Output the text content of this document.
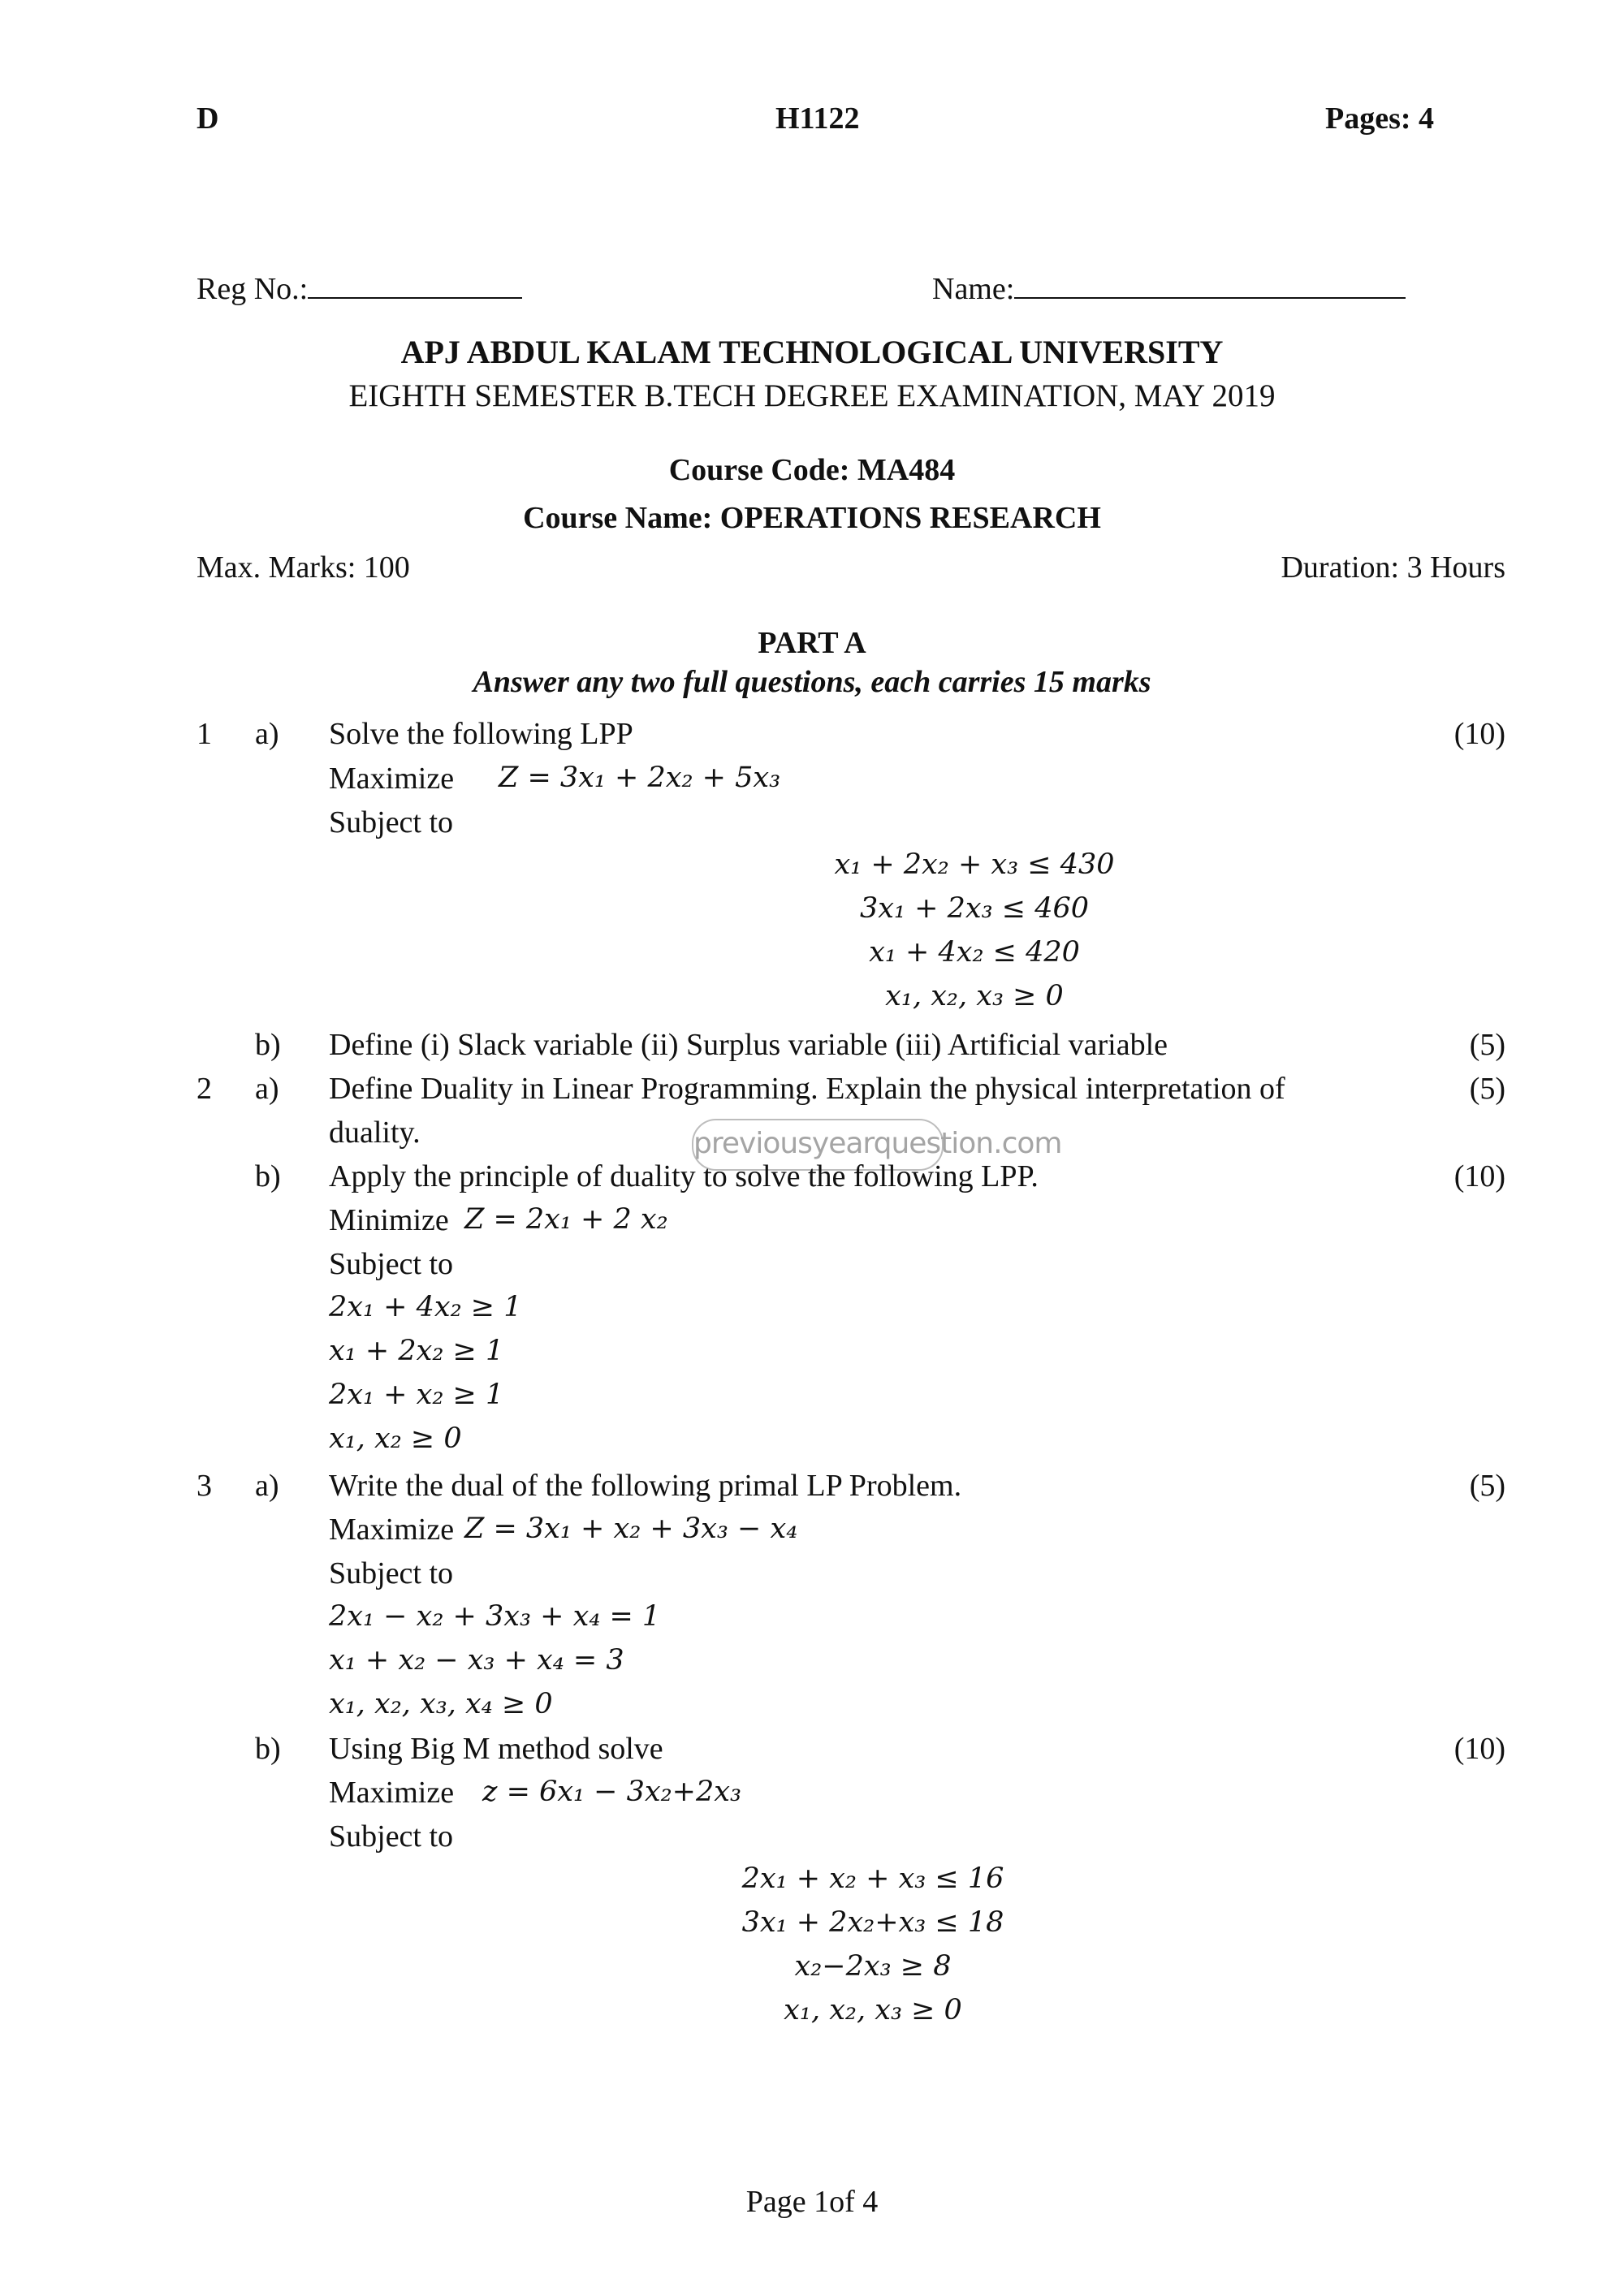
D	H1122	Pages: 4
Reg No.:	Name:
APJ ABDUL KALAM TECHNOLOGICAL UNIVERSITY
EIGHTH SEMESTER B.TECH DEGREE EXAMINATION, MAY 2019
Course Code: MA484
Course Name: OPERATIONS RESEARCH
Max. Marks: 100	Duration: 3 Hours
PART A
Answer any two full questions, each carries 15 marks
1 a) Solve the following LPP	(10)
Maximize Z = 3x₁ + 2x₂ + 5x₃
Subject to
x₁ + 2x₂ + x₃ ≤ 430
3x₁ + 2x₃ ≤ 460
x₁ + 4x₂ ≤ 420
x₁, x₂, x₃ ≥ 0
b) Define (i) Slack variable (ii) Surplus variable (iii) Artificial variable	(5)
2 a) Define Duality in Linear Programming. Explain the physical interpretation of	(5)
duality.	previousyearquestion.com
b) Apply the principle of duality to solve the following LPP.	(10)
Minimize Z = 2x₁ + 2 x₂
Subject to
2x₁ + 4x₂ ≥ 1
x₁ + 2x₂ ≥ 1
2x₁ + x₂ ≥ 1
x₁, x₂ ≥ 0
3 a) Write the dual of the following primal LP Problem.	(5)
Maximize Z = 3x₁ + x₂ + 3x₃ − x₄
Subject to
2x₁ − x₂ + 3x₃ + x₄ = 1
x₁ + x₂ − x₃ + x₄ = 3
x₁, x₂, x₃, x₄ ≥ 0
b) Using Big M method solve	(10)
Maximize z = 6x₁ − 3x₂+2x₃
Subject to
2x₁ + x₂ + x₃ ≤ 16
3x₁ + 2x₂+x₃ ≤ 18
x₂−2x₃ ≥ 8
x₁, x₂, x₃ ≥ 0
Page 1of 4
